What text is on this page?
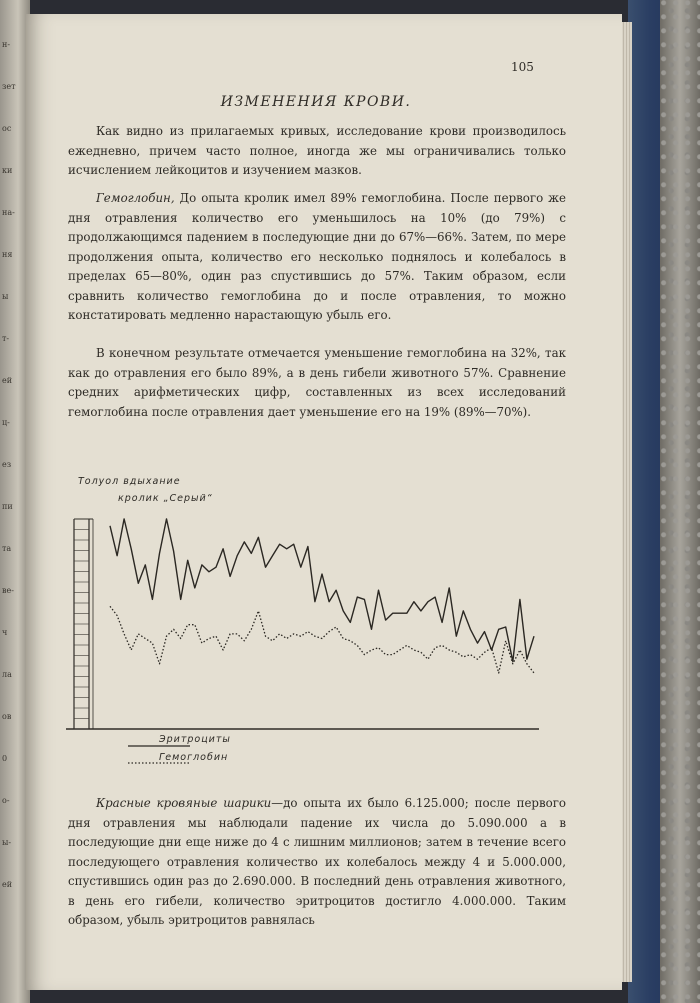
н-
зет
ос
ки
на-
ня
ы
т-
ей
ц-
ез
пи
та
ве-
ч
ла
ов
0
о-
ы-
ей
105
ИЗМЕНЕНИЯ КРОВИ.
Как видно из прилагаемых кривых, исследование крови производилось ежедневно, причем часто полное, иногда же мы ограничивались только исчислением лейкоцитов и изучением мазков.
Гемоглобин, До опыта кролик имел 89% гемоглобина. После первого же дня отравления количество его уменьшилось на 10% (до 79%) с продолжающимся падением в последующие дни до 67%—66%. Затем, по мере продолжения опыта, количество его несколько поднялось и колебалось в пределах 65—80%, один раз спустившись до 57%. Таким образом, если сравнить количество гемоглобина до и после отравления, то можно констатировать медленно нарастающую убыль его.
В конечном результате отмечается уменьшение гемоглобина на 32%, так как до отравления его было 89%, а в день гибели животного 57%. Сравнение средних арифметических цифр, составленных из всех исследований гемоглобина после отравления дает уменьшение его на 19% (89%—70%).
Толуол вдыхание
кролик „Серый“
Эритроциты
Гемоглобин
Красные кровяные шарики—до опыта их было 6.125.000; после первого дня отравления мы наблюдали падение их числа до 5.090.000 а в последующие дни еще ниже до 4 с лишним миллионов; затем в течение всего последующего отравления количество их колебалось между 4 и 5.000.000, спустившись один раз до 2.690.000. В последний день отравления животного, в день его гибели, количество эритроцитов достигло 4.000.000. Таким образом, убыль эритроцитов равнялась
